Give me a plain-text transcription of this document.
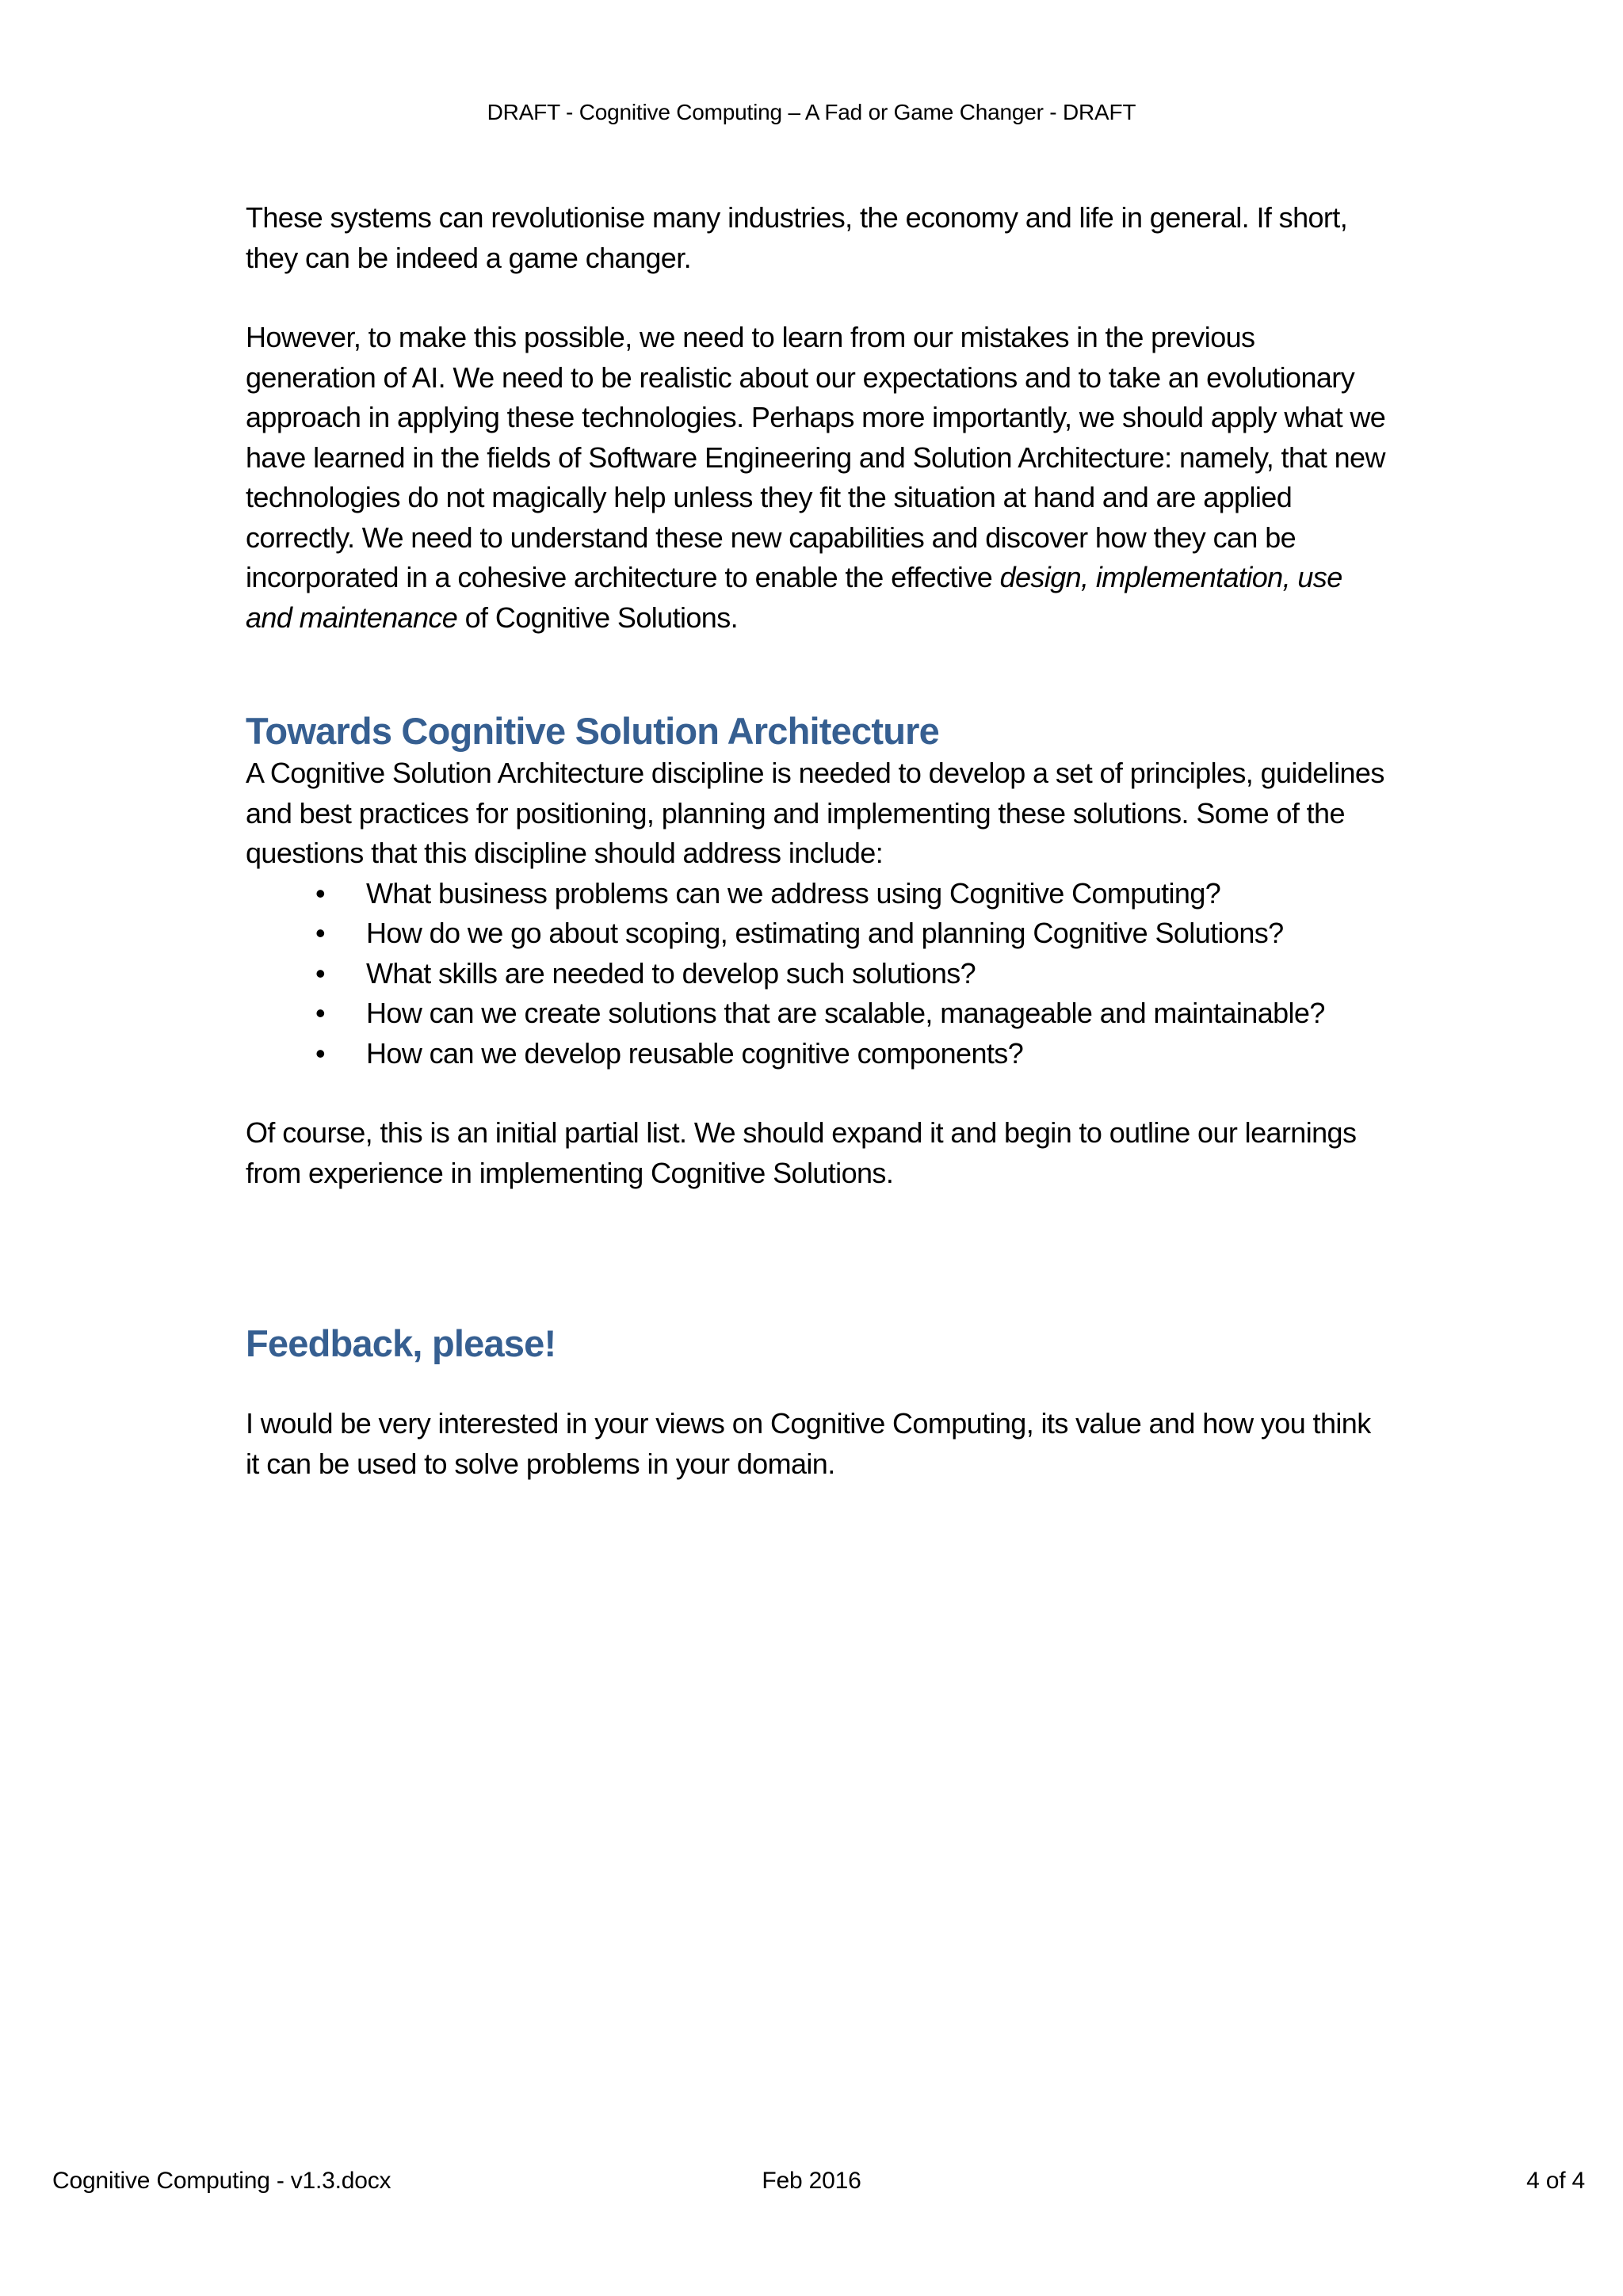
DRAFT - Cognitive Computing – A Fad or Game Changer - DRAFT

These systems can revolutionise many industries, the economy and life in general. If short, they can be indeed a game changer.

However, to make this possible, we need to learn from our mistakes in the previous generation of AI. We need to be realistic about our expectations and to take an evolutionary approach in applying these technologies. Perhaps more importantly, we should apply what we have learned in the fields of Software Engineering and Solution Architecture: namely, that new technologies do not magically help unless they fit the situation at hand and are applied correctly. We need to understand these new capabilities and discover how they can be incorporated in a cohesive architecture to enable the effective design, implementation, use and maintenance of Cognitive Solutions.

Towards Cognitive Solution Architecture

A Cognitive Solution Architecture discipline is needed to develop a set of principles, guidelines and best practices for positioning, planning and implementing these solutions. Some of the questions that this discipline should address include:

• What business problems can we address using Cognitive Computing?
• How do we go about scoping, estimating and planning Cognitive Solutions?
• What skills are needed to develop such solutions?
• How can we create solutions that are scalable, manageable and maintainable?
• How can we develop reusable cognitive components?

Of course, this is an initial partial list. We should expand it and begin to outline our learnings from experience in implementing Cognitive Solutions.

Feedback, please!

I would be very interested in your views on Cognitive Computing, its value and how you think it can be used to solve problems in your domain.

Cognitive Computing - v1.3.docx	Feb 2016	4 of 4
